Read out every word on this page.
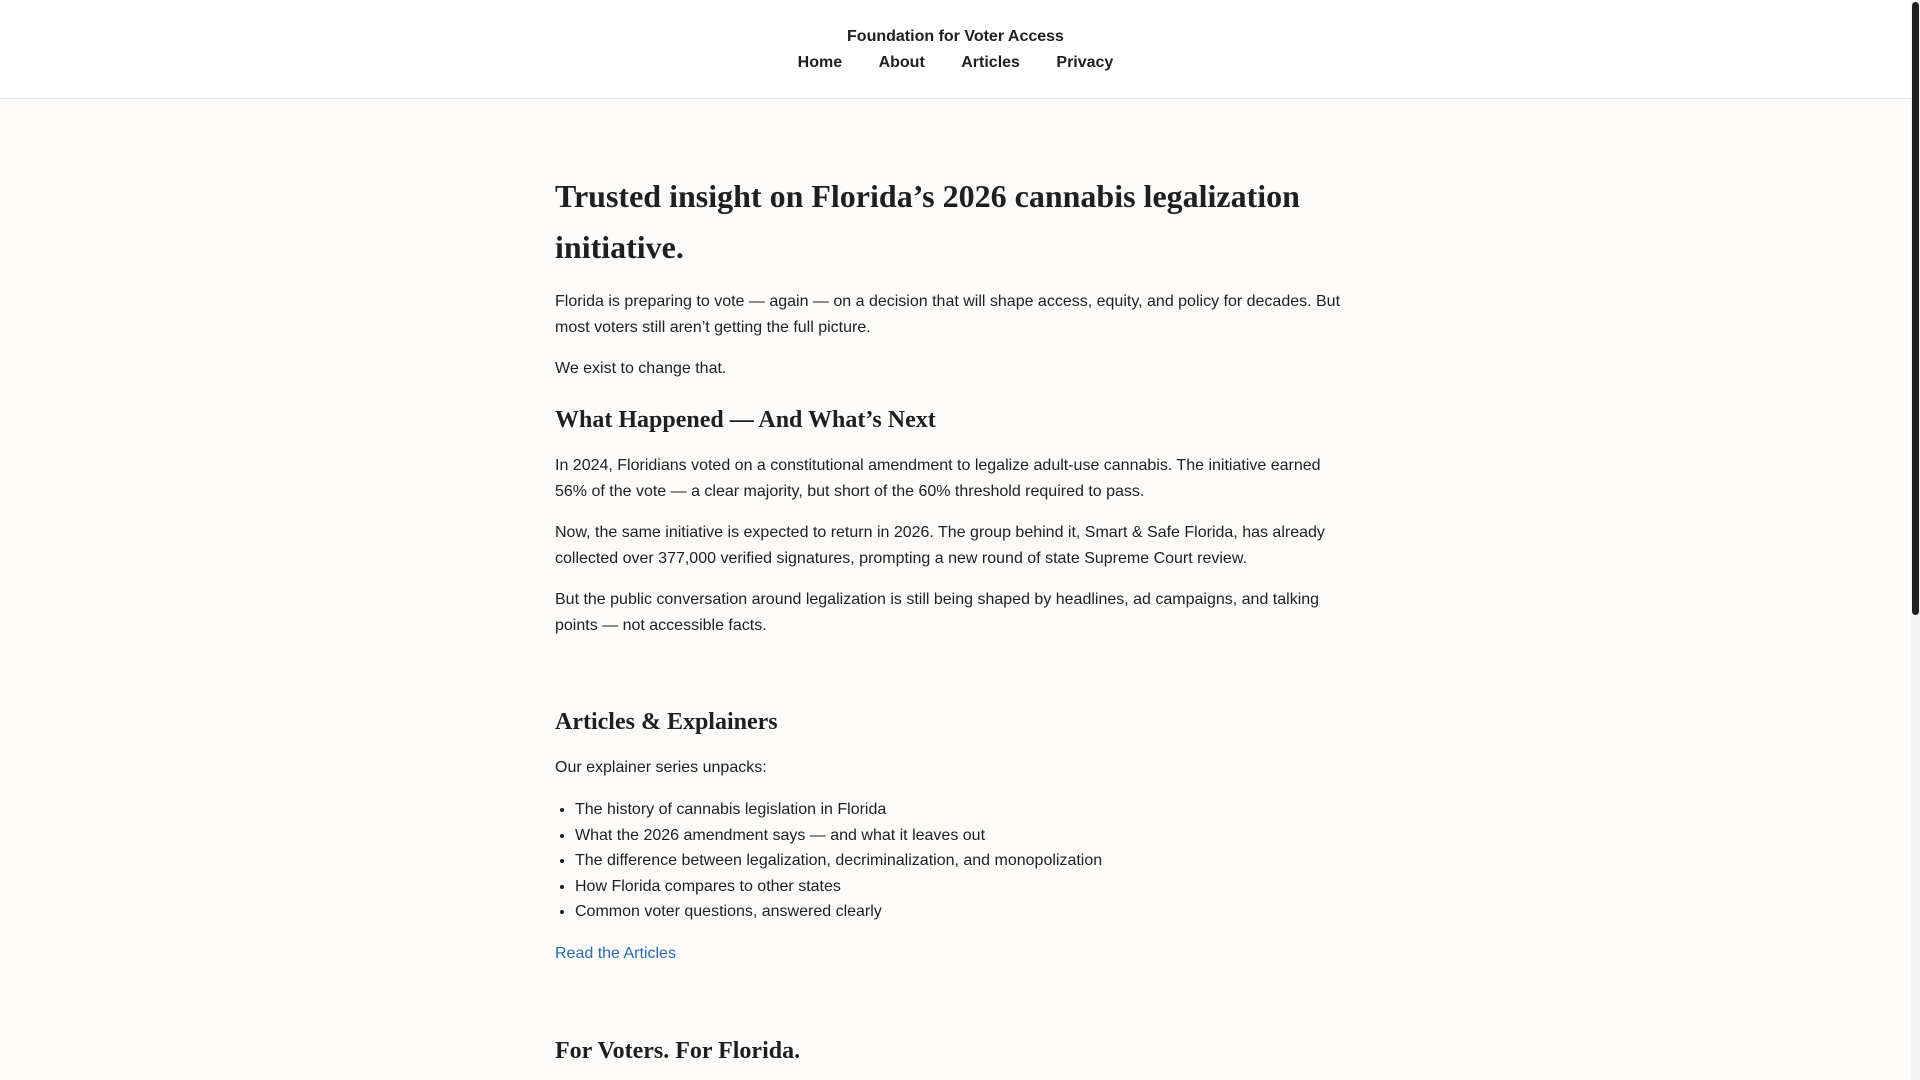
Foundation for Voter Access
Home About Articles Privacy
Trusted insight on Florida’s 2026 cannabis legalization initiative.

Florida is preparing to vote — again — on a decision that will shape access, equity, and policy for decades. But most voters still aren’t getting the full picture.

We exist to change that.

What Happened — And What’s Next

In 2024, Floridians voted on a constitutional amendment to legalize adult-use cannabis. The initiative earned 56% of the vote — a clear majority, but short of the 60% threshold required to pass.

Now, the same initiative is expected to return in 2026. The group behind it, Smart & Safe Florida, has already collected over 377,000 verified signatures, prompting a new round of state Supreme Court review.

But the public conversation around legalization is still being shaped by headlines, ad campaigns, and talking points — not accessible facts.

Articles & Explainers

Our explainer series unpacks:

• The history of cannabis legislation in Florida
• What the 2026 amendment says — and what it leaves out
• The difference between legalization, decriminalization, and monopolization
• How Florida compares to other states
• Common voter questions, answered clearly

Read the Articles

For Voters. For Florida.
